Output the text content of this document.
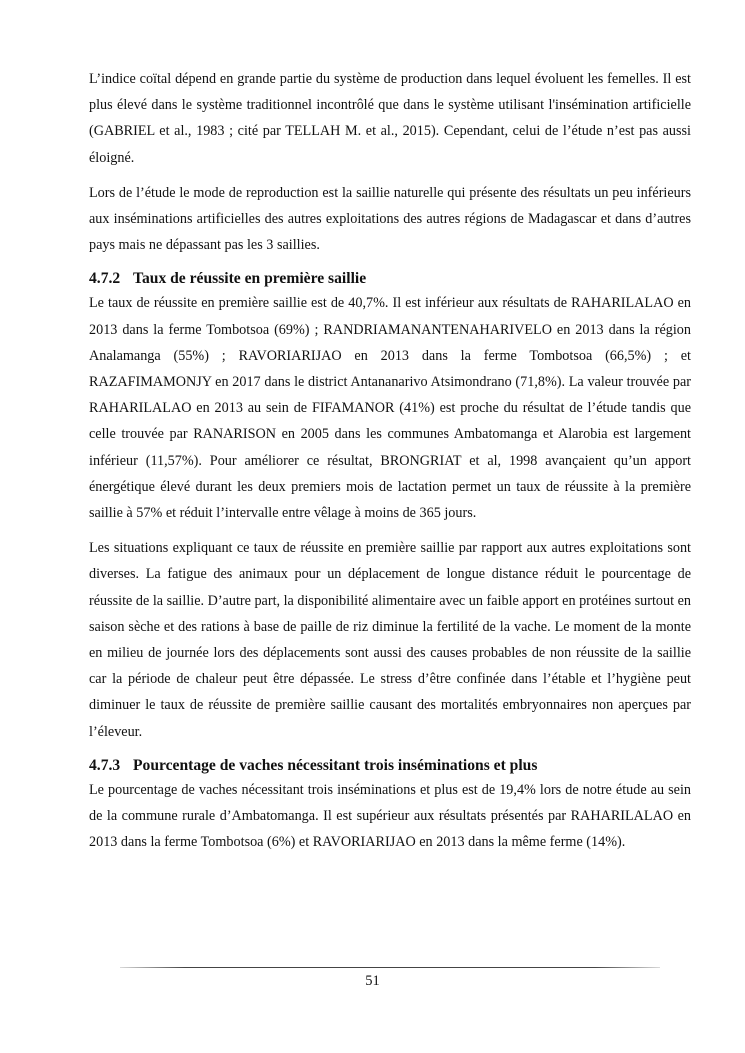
L’indice coïtal dépend en grande partie du système de production dans lequel évoluent les femelles. Il est plus élevé dans le système traditionnel incontrôlé que dans le système utilisant l'insémination artificielle (GABRIEL et al., 1983 ; cité par TELLAH M. et al., 2015). Cependant, celui de l’étude n’est pas aussi éloigné.

Lors de l’étude le mode de reproduction est la saillie naturelle qui présente des résultats un peu inférieurs aux inséminations artificielles des autres exploitations des autres régions de Madagascar et dans d’autres pays mais ne dépassant pas les 3 saillies.

4.7.2 Taux de réussite en première saillie

Le taux de réussite en première saillie est de 40,7%. Il est inférieur aux résultats de RAHARILALAO en 2013 dans la ferme Tombotsoa (69%) ; RANDRIAMANANTENAHARIVELO en 2013 dans la région Analamanga (55%) ; RAVORIARIJAO en 2013 dans la ferme Tombotsoa (66,5%) ; et RAZAFIMAMONJY en 2017 dans le district Antananarivo Atsimondrano (71,8%). La valeur trouvée par RAHARILALAO en 2013 au sein de FIFAMANOR (41%) est proche du résultat de l’étude tandis que celle trouvée par RANARISON en 2005 dans les communes Ambatomanga et Alarobia est largement inférieur (11,57%). Pour améliorer ce résultat, BRONGRIAT et al, 1998 avançaient qu’un apport énergétique élevé durant les deux premiers mois de lactation permet un taux de réussite à la première saillie à 57% et réduit l’intervalle entre vêlage à moins de 365 jours.

Les situations expliquant ce taux de réussite en première saillie par rapport aux autres exploitations sont diverses. La fatigue des animaux pour un déplacement de longue distance réduit le pourcentage de réussite de la saillie. D’autre part, la disponibilité alimentaire avec un faible apport en protéines surtout en saison sèche et des rations à base de paille de riz diminue la fertilité de la vache. Le moment de la monte en milieu de journée lors des déplacements sont aussi des causes probables de non réussite de la saillie car la période de chaleur peut être dépassée. Le stress d’être confinée dans l’étable et l’hygiène peut diminuer le taux de réussite de première saillie causant des mortalités embryonnaires non aperçues par l’éleveur.

4.7.3 Pourcentage de vaches nécessitant trois inséminations et plus

Le pourcentage de vaches nécessitant trois inséminations et plus est de 19,4% lors de notre étude au sein de la commune rurale d’Ambatomanga. Il est supérieur aux résultats présentés par RAHARILALAO en 2013 dans la ferme Tombotsoa (6%) et RAVORIARIJAO en 2013 dans la même ferme (14%).

51
